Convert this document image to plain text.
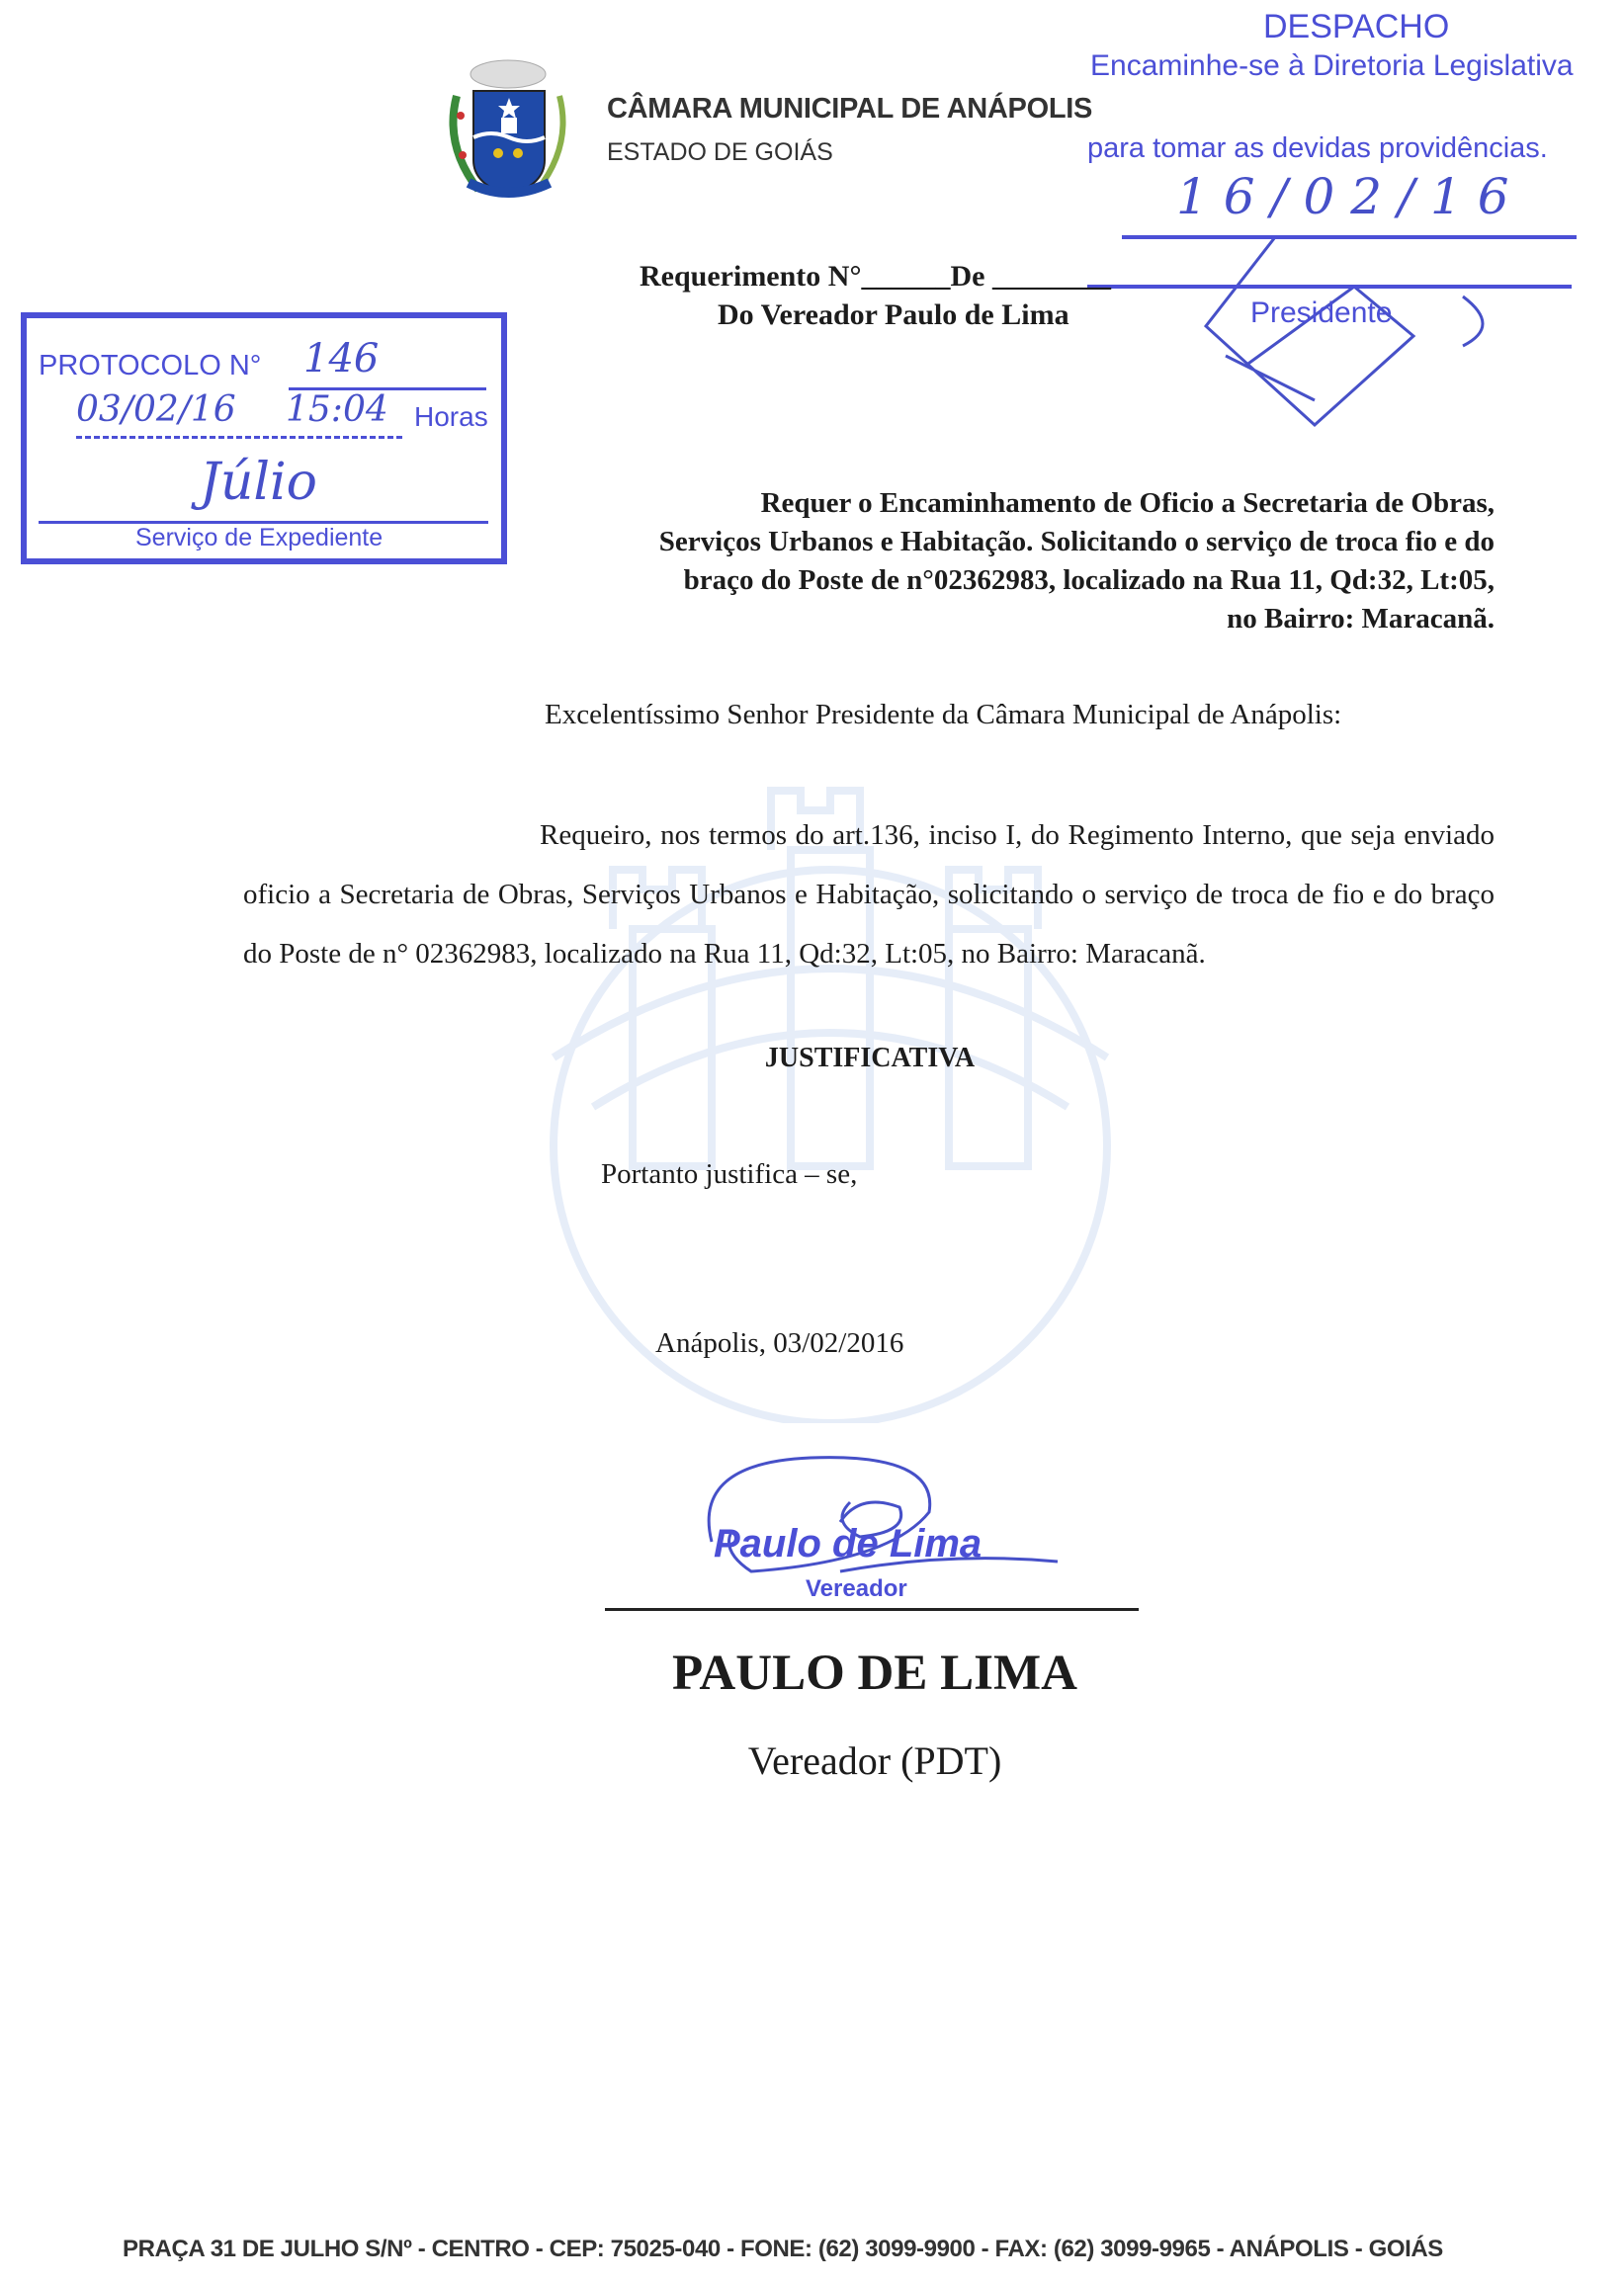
CÂMARA MUNICIPAL DE ANÁPOLIS
ESTADO DE GOIÁS
DESPACHO
Encaminhe-se à Diretoria Legislativa
para tomar as devidas providências.
16/02/16
Presidente
Requerimento N°______De ________
Do Vereador Paulo de Lima
PROTOCOLO N° 146
03/02/16 15:04 Horas
Júlio
Serviço de Expediente
Requer o Encaminhamento de Oficio a Secretaria de Obras, Serviços Urbanos e Habitação. Solicitando o serviço de troca fio e do braço do Poste de n°02362983, localizado na Rua 11, Qd:32, Lt:05, no Bairro: Maracanã.
Excelentíssimo Senhor Presidente da Câmara Municipal de Anápolis:
Requeiro, nos termos do art.136, inciso I, do Regimento Interno, que seja enviado oficio a Secretaria de Obras, Serviços Urbanos e Habitação, solicitando o serviço de troca de fio e do braço do Poste de n° 02362983, localizado na Rua 11, Qd:32, Lt:05, no Bairro: Maracanã.
JUSTIFICATIVA
Portanto justifica – se,
Anápolis, 03/02/2016
Paulo de Lima
Vereador
PAULO DE LIMA
Vereador (PDT)
PRAÇA 31 DE JULHO S/Nº - CENTRO - CEP: 75025-040 - FONE: (62) 3099-9900 - FAX: (62) 3099-9965 - ANÁPOLIS - GOIÁS
